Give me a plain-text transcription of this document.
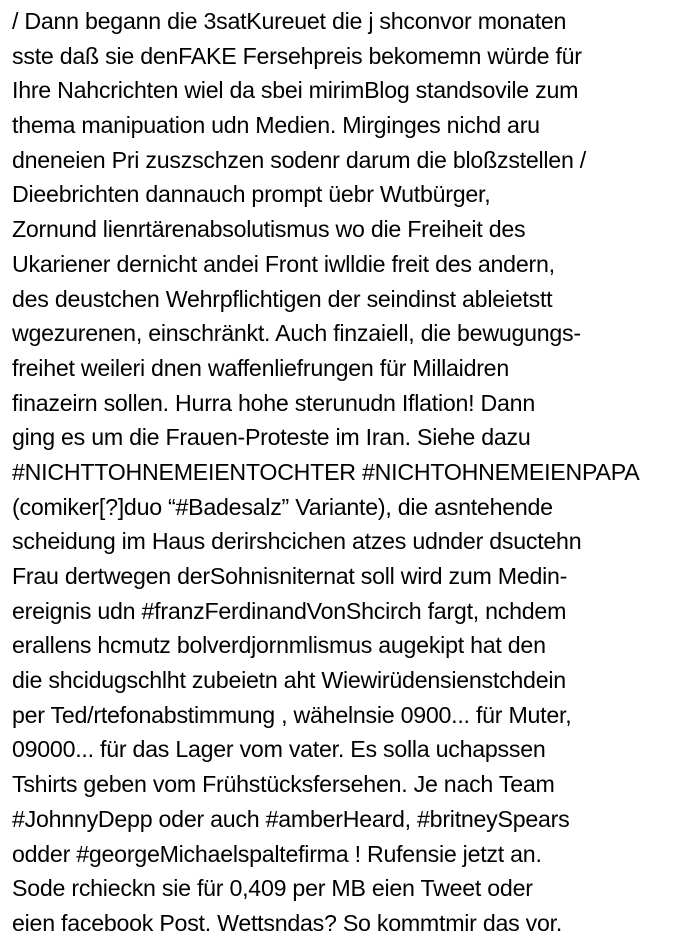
/ Dann begann die 3satKureuet die j shconvor monaten
sste daß sie denFAKE Fersehpreis bekomemn würde für
Ihre Nahcrichten wiel da sbei mirimBlog standsovile zum
thema manipuation udn Medien. Mirginges nichd aru
dneneien Pri zuszschzen sodenr darum die bloßzstellen /
Dieebrichten dannauch prompt üebr Wutbürger,
Zornund lienrtärenabsolutismus wo die Freiheit des
Ukariener dernicht andei Front iwlldie freit des andern,
des deustchen Wehrpflichtigen der seindinst ableietstt
wgezurenen, einschränkt. Auch finzaiell, die bewugungs-
freihet weileri dnen waffenliefrungen für Millaidren
finazeirn sollen. Hurra hohe sterunudn Iflation! Dann
ging es um die Frauen-Proteste im Iran. Siehe dazu
#NICHTTOHNEMEIENTOCHTER #NICHTOHNEMEIENPAPA
(comiker[?]duo “#Badesalz” Variante), die asntehende
scheidung im Haus derirshcichen atzes udnder dsuctehn
Frau dertwegen derSohnisniternat soll wird zum Medin-
ereignis udn #franzFerdinandVonShcirch fargt, nchdem
erallens hcmutz bolverdjornmlismus augekipt hat den
die shcidugschlht zubeietn aht Wiewirüdensienstchdein
per Ted/rtefonabstimmung , wähelnsie 0900... für Muter,
09000... für das Lager vom vater. Es solla uchapssen
Tshirts geben vom Frühstücksfersehen. Je nach Team
#JohnnyDepp oder auch #amberHeard, #britneySpears
odder #georgeMichaelspaltefirma ! Rufensie jetzt an.
Sode rchieckn sie für 0,409 per MB eien Tweet oder
eien facebook Post. Wettsndas? So kommtmir das vor.
